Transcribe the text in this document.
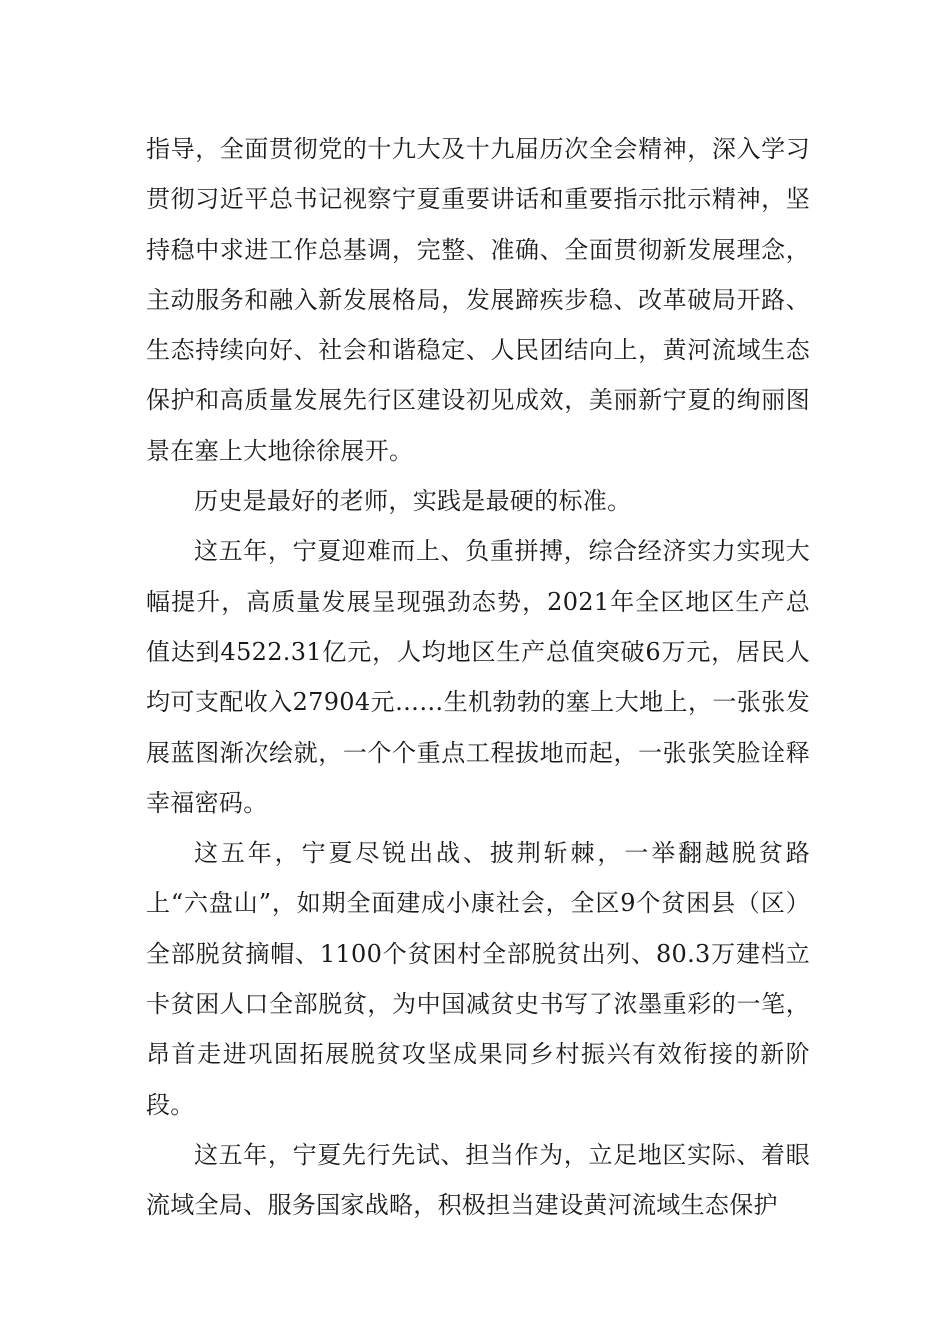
指导，全面贯彻党的十九大及十九届历次全会精神，深入学习贯彻习近平总书记视察宁夏重要讲话和重要指示批示精神，坚持稳中求进工作总基调，完整、准确、全面贯彻新发展理念，主动服务和融入新发展格局，发展蹄疾步稳、改革破局开路、生态持续向好、社会和谐稳定、人民团结向上，黄河流域生态保护和高质量发展先行区建设初见成效，美丽新宁夏的绚丽图景在塞上大地徐徐展开。

历史是最好的老师，实践是最硬的标准。

这五年，宁夏迎难而上、负重拼搏，综合经济实力实现大幅提升，高质量发展呈现强劲态势，2021年全区地区生产总值达到4522.31亿元，人均地区生产总值突破6万元，居民人均可支配收入27904元……生机勃勃的塞上大地上，一张张发展蓝图渐次绘就，一个个重点工程拔地而起，一张张笑脸诠释幸福密码。

这五年，宁夏尽锐出战、披荆斩棘，一举翻越脱贫路上“六盘山”，如期全面建成小康社会，全区9个贫困县（区）全部脱贫摘帽、1100个贫困村全部脱贫出列、80.3万建档立卡贫困人口全部脱贫，为中国减贫史书写了浓墨重彩的一笔，昂首走进巩固拓展脱贫攻坚成果同乡村振兴有效衔接的新阶段。

这五年，宁夏先行先试、担当作为，立足地区实际、着眼流域全局、服务国家战略，积极担当建设黄河流域生态保护
